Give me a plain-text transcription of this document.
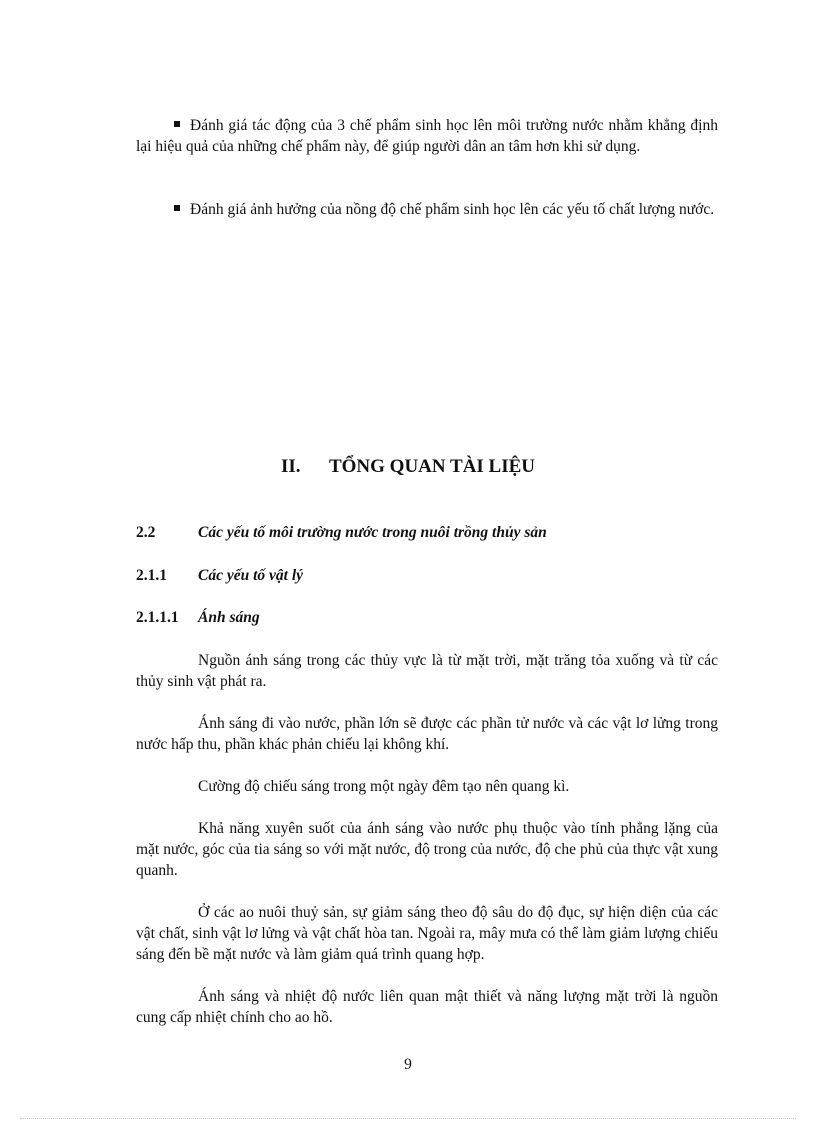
Đánh giá tác động của 3 chế phẩm sinh học lên môi trường nước nhằm khẳng định lại hiệu quả của những chế phẩm này, để giúp người dân an tâm hơn khi sử dụng.
Đánh giá ảnh hưởng của nồng độ chế phẩm sinh học lên các yếu tố chất lượng nước.
II. TỔNG QUAN TÀI LIỆU
2.2	Các yếu tố môi trường nước trong nuôi trồng thủy sản
2.1.1 Các yếu tố vật lý
2.1.1.1 Ánh sáng

Nguồn ánh sáng trong các thủy vực là từ mặt trời, mặt trăng tỏa xuống và từ các thủy sinh vật phát ra.

Ánh sáng đi vào nước, phần lớn sẽ được các phần tử nước và các vật lơ lửng trong nước hấp thu, phần khác phản chiếu lại không khí.

Cường độ chiếu sáng trong một ngày đêm tạo nên quang kì.

Khả năng xuyên suốt của ánh sáng vào nước phụ thuộc vào tính phẳng lặng của mặt nước, góc của tia sáng so với mặt nước, độ trong của nước, độ che phủ của thực vật xung quanh.

Ở các ao nuôi thuỷ sản, sự giảm sáng theo độ sâu do độ đục, sự hiện diện của các vật chất, sinh vật lơ lửng và vật chất hòa tan. Ngoài ra, mây mưa có thể làm giảm lượng chiếu sáng đến bề mặt nước và làm giảm quá trình quang hợp.

Ánh sáng và nhiệt độ nước liên quan mật thiết và năng lượng mặt trời là nguồn cung cấp nhiệt chính cho ao hồ.

9
